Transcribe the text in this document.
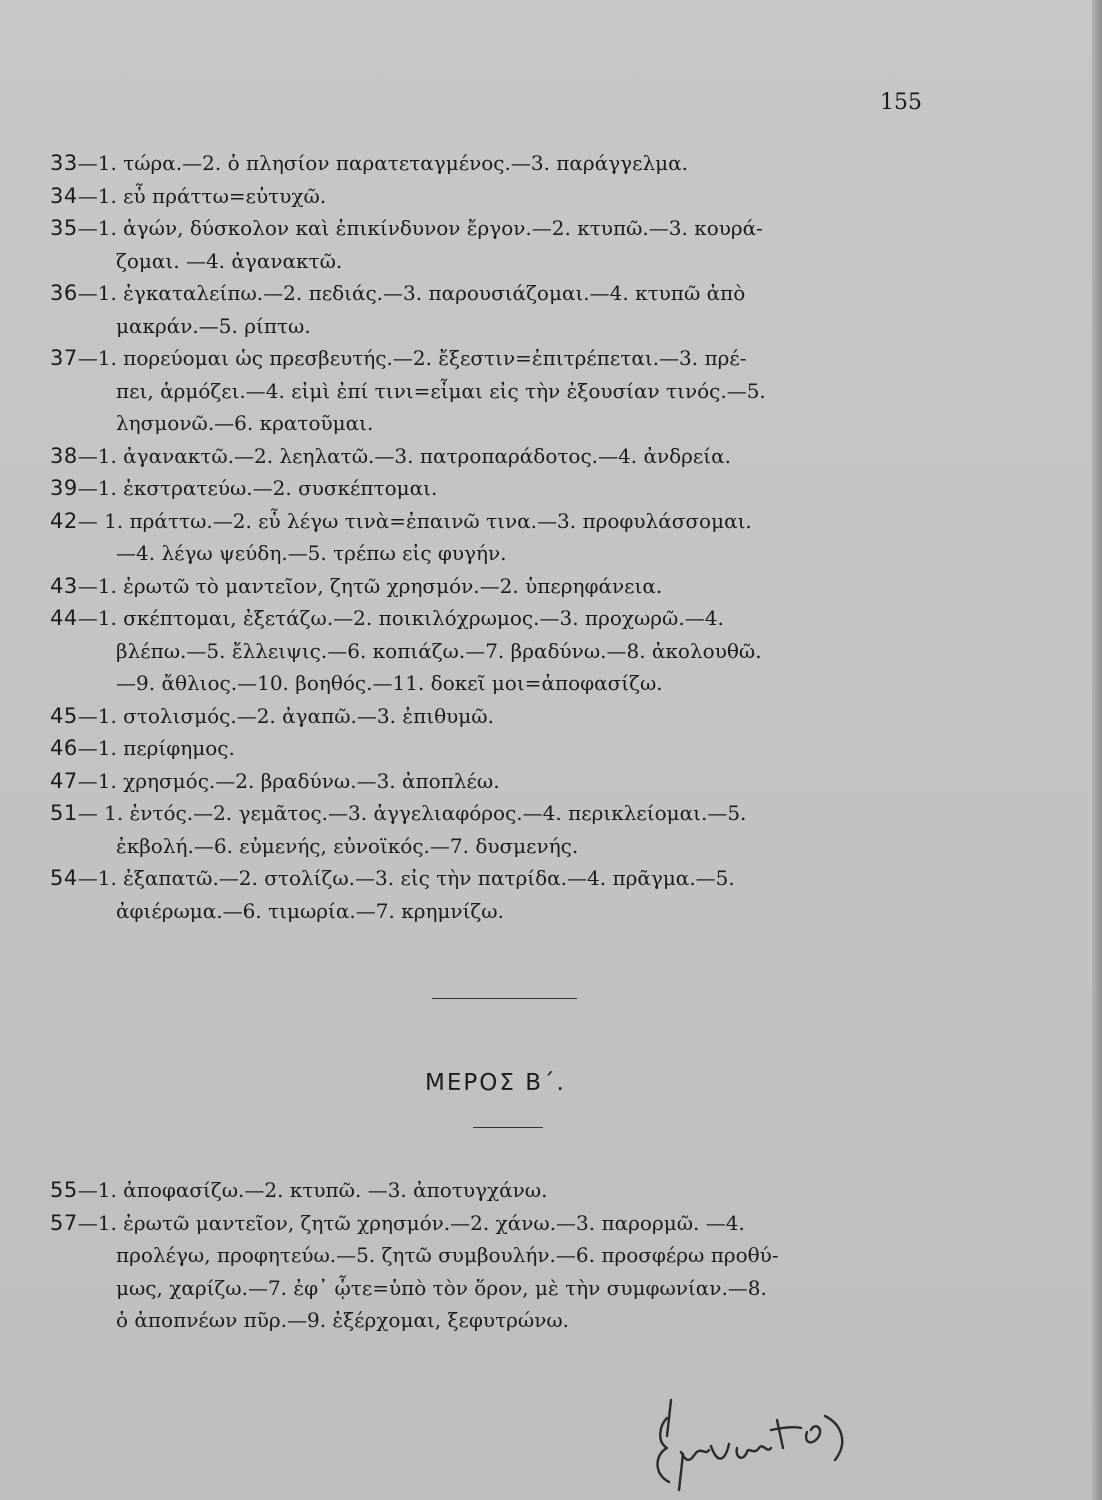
155
33—1. τώρα.—2. ὁ πλησίον παρατεταγμένος.—3. παράγγελμα.
34—1. εὖ πράττω=εὐτυχῶ.
35—1. ἀγών, δύσκολον καὶ ἐπικίνδυνον ἔργον.—2. κτυπῶ.—3. κουρά-
ζομαι. —4. ἀγανακτῶ.
36—1. ἐγκαταλείπω.—2. πεδιάς.—3. παρουσιάζομαι.—4. κτυπῶ ἀπὸ
μακράν.—5. ρίπτω.
37—1. πορεύομαι ὡς πρεσβευτής.—2. ἔξεστιν=ἐπιτρέπεται.—3. πρέ-
πει, ἁρμόζει.—4. εἰμὶ ἐπί τινι=εἶμαι εἰς τὴν ἐξουσίαν τινός.—5.
λησμονῶ.—6. κρατοῦμαι.
38—1. ἀγανακτῶ.—2. λεηλατῶ.—3. πατροπαράδοτος.—4. ἀνδρεία.
39—1. ἐκστρατεύω.—2. συσκέπτομαι.
42— 1. πράττω.—2. εὖ λέγω τινὰ=ἐπαινῶ τινα.—3. προφυλάσσομαι.
—4. λέγω ψεύδη.—5. τρέπω εἰς φυγήν.
43—1. ἐρωτῶ τὸ μαντεῖον, ζητῶ χρησμόν.—2. ὑπερηφάνεια.
44—1. σκέπτομαι, ἐξετάζω.—2. ποικιλόχρωμος.—3. προχωρῶ.—4.
βλέπω.—5. ἔλλειψις.—6. κοπιάζω.—7. βραδύνω.—8. ἀκολουθῶ.
—9. ἄθλιος.—10. βοηθός.—11. δοκεῖ μοι=ἀποφασίζω.
45—1. στολισμός.—2. ἀγαπῶ.—3. ἐπιθυμῶ.
46—1. περίφημος.
47—1. χρησμός.—2. βραδύνω.—3. ἀποπλέω.
51— 1. ἐντός.—2. γεμᾶτος.—3. ἀγγελιαφόρος.—4. περικλείομαι.—5.
ἐκβολή.—6. εὐμενής, εὐνοϊκός.—7. δυσμενής.
54—1. ἐξαπατῶ.—2. στολίζω.—3. εἰς τὴν πατρίδα.—4. πρᾶγμα.—5.
ἀφιέρωμα.—6. τιμωρία.—7. κρημνίζω.
ΜΕΡΟΣ Β΄.
55—1. ἀποφασίζω.—2. κτυπῶ. —3. ἀποτυγχάνω.
57—1. ἐρωτῶ μαντεῖον, ζητῶ χρησμόν.—2. χάνω.—3. παρορμῶ. —4.
προλέγω, προφητεύω.—5. ζητῶ συμβουλήν.—6. προσφέρω προθύ-
μως, χαρίζω.—7. ἐφ᾽ ᾧτε=ὑπὸ τὸν ὅρον, μὲ τὴν συμφωνίαν.—8.
ὁ ἀποπνέων πῦρ.—9. ἐξέρχομαι, ξεφυτρώνω.
